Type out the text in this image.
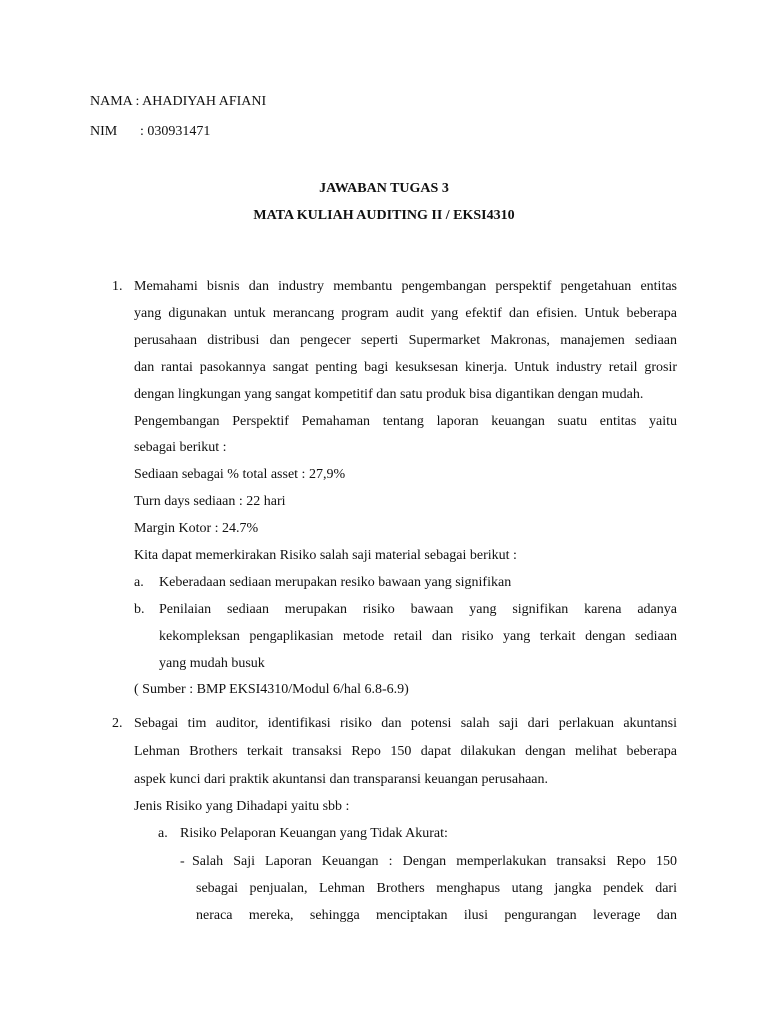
NAMA : AHADIYAH AFIANI
NIM : 030931471
JAWABAN TUGAS 3
MATA KULIAH AUDITING II / EKSI4310
1. Memahami bisnis dan industry membantu pengembangan perspektif pengetahuan entitas
yang digunakan untuk merancang program audit yang efektif dan efisien. Untuk beberapa
perusahaan distribusi dan pengecer seperti Supermarket Makronas, manajemen sediaan
dan rantai pasokannya sangat penting bagi kesuksesan kinerja. Untuk industry retail grosir
dengan lingkungan yang sangat kompetitif dan satu produk bisa digantikan dengan mudah.
Pengembangan Perspektif Pemahaman tentang laporan keuangan suatu entitas yaitu
sebagai berikut :
Sediaan sebagai % total asset : 27,9%
Turn days sediaan : 22 hari
Margin Kotor : 24.7%
Kita dapat memerkirakan Risiko salah saji material sebagai berikut :
a. Keberadaan sediaan merupakan resiko bawaan yang signifikan
b. Penilaian sediaan merupakan risiko bawaan yang signifikan karena adanya
kekompleksan pengaplikasian metode retail dan risiko yang terkait dengan sediaan
yang mudah busuk
( Sumber : BMP EKSI4310/Modul 6/hal 6.8-6.9)
2. Sebagai tim auditor, identifikasi risiko dan potensi salah saji dari perlakuan akuntansi
Lehman Brothers terkait transaksi Repo 150 dapat dilakukan dengan melihat beberapa
aspek kunci dari praktik akuntansi dan transparansi keuangan perusahaan.
Jenis Risiko yang Dihadapi yaitu sbb :
a. Risiko Pelaporan Keuangan yang Tidak Akurat:
- Salah Saji Laporan Keuangan : Dengan memperlakukan transaksi Repo 150
sebagai penjualan, Lehman Brothers menghapus utang jangka pendek dari
neraca mereka, sehingga menciptakan ilusi pengurangan leverage dan
